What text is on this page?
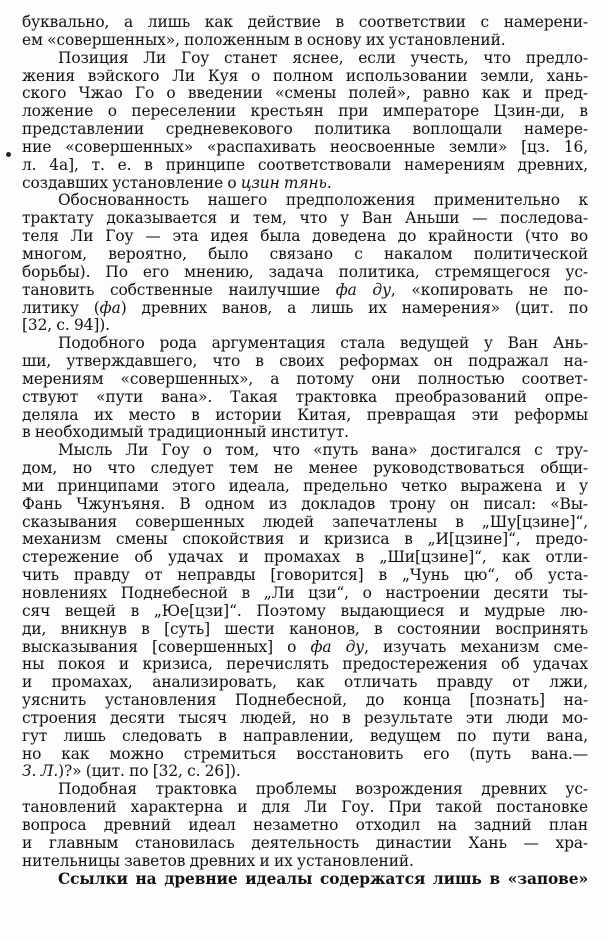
буквально, а лишь как действие в соответствии с намерени-
ем «совершенных», положенным в основу их установлений.
Позиция Ли Гоу станет яснее, если учесть, что предло-
жения вэйского Ли Куя о полном использовании земли, хань-
ского Чжао Го о введении «смены полей», равно как и пред-
ложение о переселении крестьян при императоре Цзин-ди, в
представлении средневекового политика воплощали намере-
ние «совершенных» «распахивать неосвоенные земли» [цз. 16,
л. 4а], т. е. в принципе соответствовали намерениям древних,
создавших установление о цзин тянь.
Обоснованность нашего предположения применительно к
трактату доказывается и тем, что у Ван Аньши — последова-
теля Ли Гоу — эта идея была доведена до крайности (что во
многом, вероятно, было связано с накалом политической
борьбы). По его мнению, задача политика, стремящегося ус-
тановить собственные наилучшие фа ду, «копировать не по-
литику (фа) древних ванов, а лишь их намерения» (цит. по
[32, с. 94]).
Подобного рода аргументация стала ведущей у Ван Ань-
ши, утверждавшего, что в своих реформах он подражал на-
мерениям «совершенных», а потому они полностью соответ-
ствуют «пути вана». Такая трактовка преобразований опре-
деляла их место в истории Китая, превращая эти реформы
в необходимый традиционный институт.
Мысль Ли Гоу о том, что «путь вана» достигался с тру-
дом, но что следует тем не менее руководствоваться общи-
ми принципами этого идеала, предельно четко выражена и у
Фань Чжунъяня. В одном из докладов трону он писал: «Вы-
сказывания совершенных людей запечатлены в „Шу[цзине]“,
механизм смены спокойствия и кризиса в „И[цзине]“, предо-
стережение об удачах и промахах в „Ши[цзине]“, как отли-
чить правду от неправды [говорится] в „Чунь цю“, об уста-
новлениях Поднебесной в „Ли цзи“, о настроении десяти ты-
сяч вещей в „Юе[цзи]“. Поэтому выдающиеся и мудрые лю-
ди, вникнув в [суть] шести канонов, в состоянии воспринять
высказывания [совершенных] о фа ду, изучать механизм сме-
ны покоя и кризиса, перечислять предостережения об удачах
и промахах, анализировать, как отличать правду от лжи,
уяснить установления Поднебесной, до конца [познать] на-
строения десяти тысяч людей, но в результате эти люди мо-
гут лишь следовать в направлении, ведущем по пути вана,
но как можно стремиться восстановить его (путь вана.—
З. Л.)?» (цит. по [32, с. 26]).
Подобная трактовка проблемы возрождения древних ус-
тановлений характерна и для Ли Гоу. При такой постановке
вопроса древний идеал незаметно отходил на задний план
и главным становилась деятельность династии Хань — хра-
нительницы заветов древних и их установлений.
Ссылки на древние идеалы содержатся лишь в «запове»
